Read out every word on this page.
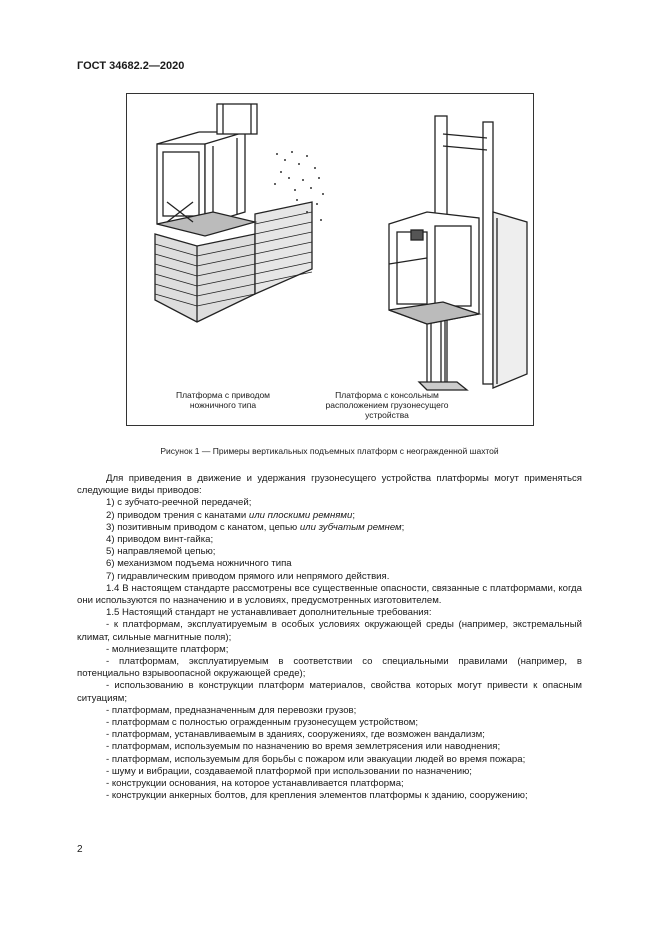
ГОСТ 34682.2—2020
Платформа с приводом ножничного типа
Платформа с консольным расположением грузонесущего устройства
Рисунок 1 — Примеры вертикальных подъемных платформ с неогражденной шахтой

Для приведения в движение и удержания грузонесущего устройства платформы могут применяться следующие виды приводов:

1) с зубчато-реечной передачей;

2) приводом трения с канатами или плоскими ремнями;

3) позитивным приводом с канатом, цепью или зубчатым ремнем;

4) приводом винт-гайка;

5) направляемой цепью;

6) механизмом подъема ножничного типа

7) гидравлическим приводом прямого или непрямого действия.

1.4 В настоящем стандарте рассмотрены все существенные опасности, связанные с платформами, когда они используются по назначению и в условиях, предусмотренных изготовителем.

1.5 Настоящий стандарт не устанавливает дополнительные требования:

- к платформам, эксплуатируемым в особых условиях окружающей среды (например, экстремальный климат, сильные магнитные поля);

- молниезащите платформ;

- платформам, эксплуатируемым в соответствии со специальными правилами (например, в потенциально взрывоопасной окружающей среде);

- использованию в конструкции платформ материалов, свойства которых могут привести к опасным ситуациям;

- платформам, предназначенным для перевозки грузов;

- платформам с полностью огражденным грузонесущем устройством;

- платформам, устанавливаемым в зданиях, сооружениях, где возможен вандализм;

- платформам, используемым по назначению во время землетрясения или наводнения;

- платформам, используемым для борьбы с пожаром или эвакуации людей во время пожара;

- шуму и вибрации, создаваемой платформой при использовании по назначению;

- конструкции основания, на которое устанавливается платформа;

- конструкции анкерных болтов, для крепления элементов платформы к зданию, сооружению;

2
